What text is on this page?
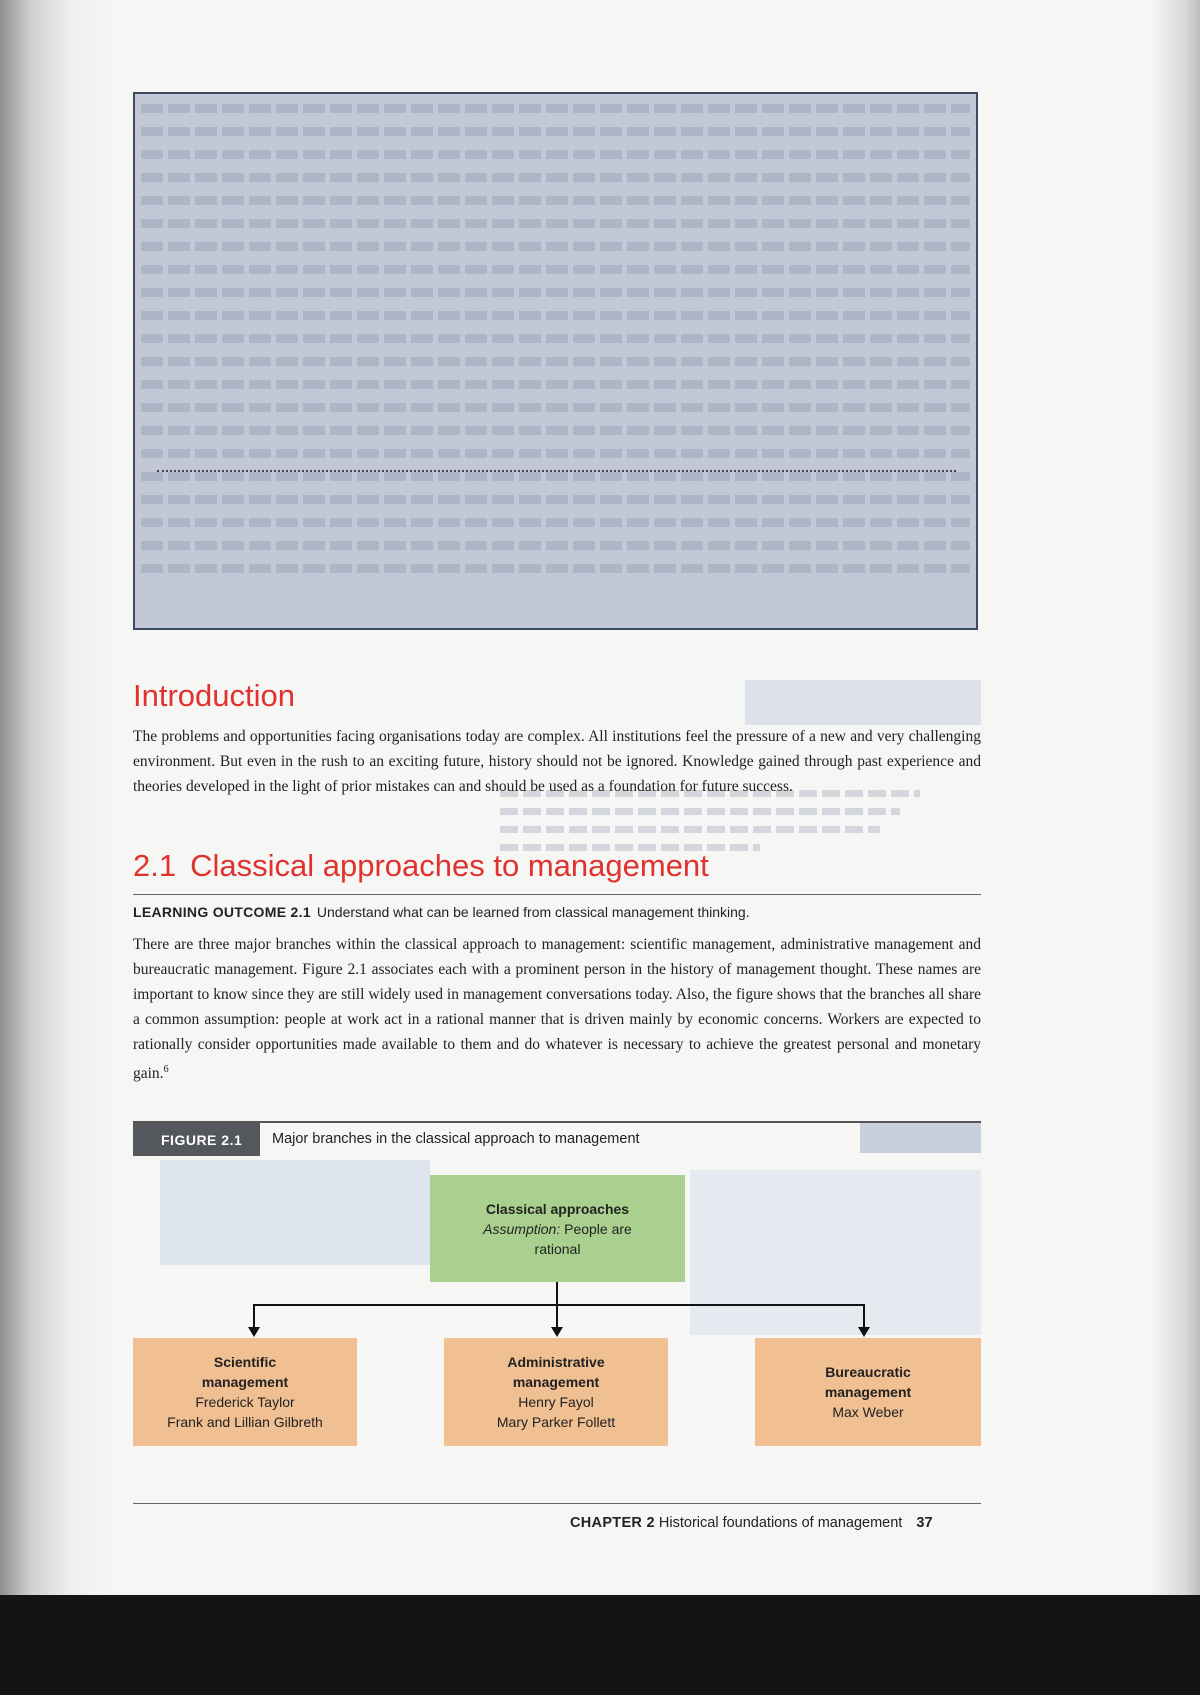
Introduction

The problems and opportunities facing organisations today are complex. All institutions feel the pressure of a new and very challenging environment. But even in the rush to an exciting future, history should not be ignored. Knowledge gained through past experience and theories developed in the light of prior mistakes can and should be used as a foundation for future success.

2.1 Classical approaches to management
LEARNING OUTCOME 2.1 Understand what can be learned from classical management thinking.

There are three major branches within the classical approach to management: scientific management, administrative management and bureaucratic management. Figure 2.1 associates each with a prominent person in the history of management thought. These names are important to know since they are still widely used in management conversations today. Also, the figure shows that the branches all share a common assumption: people at work act in a rational manner that is driven mainly by economic concerns. Workers are expected to rationally consider opportunities made available to them and do whatever is necessary to achieve the greatest personal and monetary gain.$^6$

FIGURE 2.1	Major branches in the classical approach to management
Classical approaches
Assumption: People are rational
Scientific management
Frederick Taylor
Frank and Lillian Gilbreth
Administrative management
Henry Fayol
Mary Parker Follett
Bureaucratic management
Max Weber
CHAPTER 2 Historical foundations of management 37
